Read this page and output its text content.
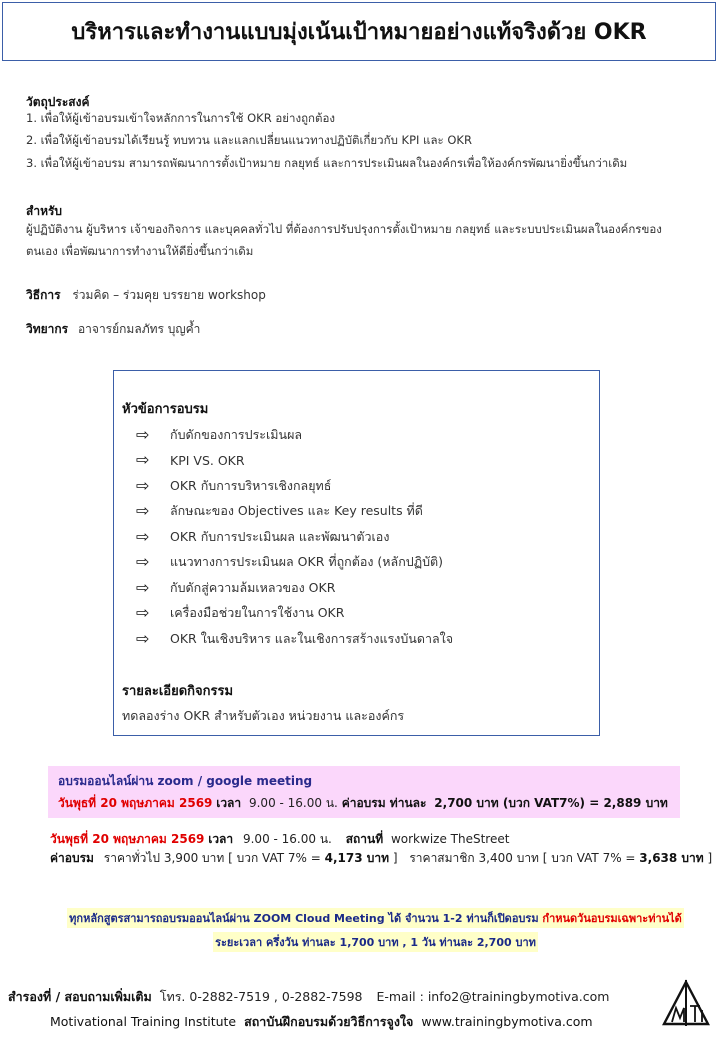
บริหารและทำงานแบบมุ่งเน้นเป้าหมายอย่างแท้จริงด้วย OKR
วัตถุประสงค์
1. เพื่อให้ผู้เข้าอบรมเข้าใจหลักการในการใช้ OKR อย่างถูกต้อง
2. เพื่อให้ผู้เข้าอบรมได้เรียนรู้ ทบทวน และแลกเปลี่ยนแนวทางปฏิบัติเกี่ยวกับ KPI และ OKR
3. เพื่อให้ผู้เข้าอบรม สามารถพัฒนาการตั้งเป้าหมาย กลยุทธ์ และการประเมินผลในองค์กรเพื่อให้องค์กรพัฒนายิ่งขึ้นกว่าเดิม
สำหรับ
ผู้ปฏิบัติงาน ผู้บริหาร เจ้าของกิจการ และบุคคลทั่วไป ที่ต้องการปรับปรุงการตั้งเป้าหมาย กลยุทธ์ และระบบประเมินผลในองค์กรของ
ตนเอง เพื่อพัฒนาการทำงานให้ดียิ่งขึ้นกว่าเดิม
วิธีการ ร่วมคิด – ร่วมคุย บรรยาย workshop
วิทยากร อาจารย์กมลภัทร บุญค้ำ
หัวข้อการอบรม
⇨	กับดักของการประเมินผล
⇨	KPI VS. OKR
⇨	OKR กับการบริหารเชิงกลยุทธ์
⇨	ลักษณะของ Objectives และ Key results ที่ดี
⇨	OKR กับการประเมินผล และพัฒนาตัวเอง
⇨	แนวทางการประเมินผล OKR ที่ถูกต้อง (หลักปฏิบัติ)
⇨	กับดักสู่ความล้มเหลวของ OKR
⇨	เครื่องมือช่วยในการใช้งาน OKR
⇨	OKR ในเชิงบริหาร และในเชิงการสร้างแรงบันดาลใจ
รายละเอียดกิจกรรม
ทดลองร่าง OKR สำหรับตัวเอง หน่วยงาน และองค์กร
อบรมออนไลน์ผ่าน zoom / google meeting
วันพุธที่ 20 พฤษภาคม 2569 เวลา 9.00 - 16.00 น. ค่าอบรม ท่านละ 2,700 บาท (บวก VAT7%) = 2,889 บาท
วันพุธที่ 20 พฤษภาคม 2569 เวลา 9.00 - 16.00 น. สถานที่ workwize TheStreet
ค่าอบรม ราคาทั่วไป 3,900 บาท [ บวก VAT 7% = 4,173 บาท ] ราคาสมาชิก 3,400 บาท [ บวก VAT 7% = 3,638 บาท ]
ทุกหลักสูตรสามารถอบรมออนไลน์ผ่าน ZOOM Cloud Meeting ได้ จำนวน 1-2 ท่านก็เปิดอบรม กำหนดวันอบรมเฉพาะท่านได้
ระยะเวลา ครึ่งวัน ท่านละ 1,700 บาท , 1 วัน ท่านละ 2,700 บาท
สำรองที่ / สอบถามเพิ่มเติม โทร. 0-2882-7519 , 0-2882-7598 E-mail : info2@trainingbymotiva.com
Motivational Training Institute สถาบันฝึกอบรมด้วยวิธีการจูงใจ www.trainingbymotiva.com
